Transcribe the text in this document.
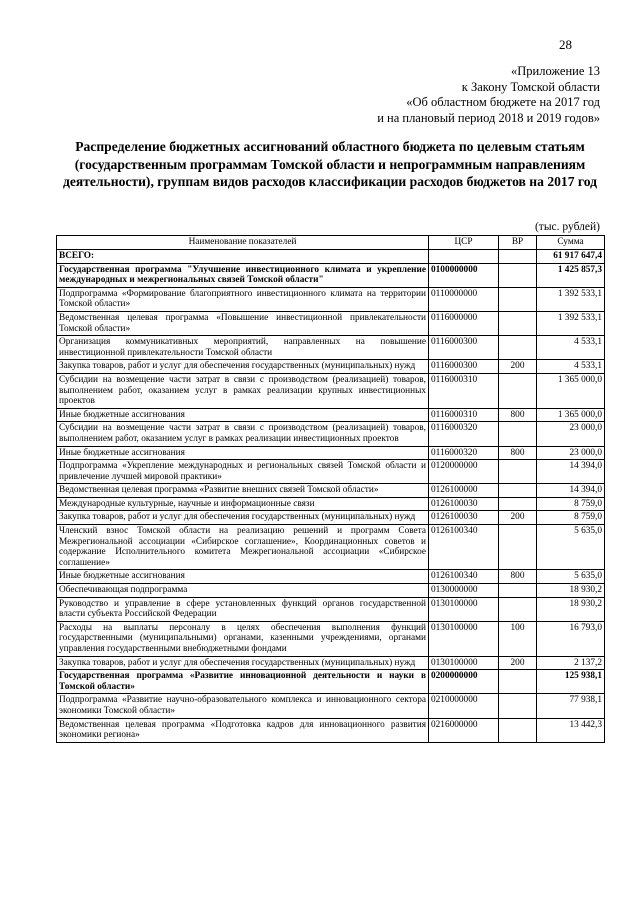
28
«Приложение 13
к Закону Томской области
«Об областном бюджете на 2017 год
и на плановый период 2018 и 2019 годов»
Распределение бюджетных ассигнований областного бюджета по целевым статьям (государственным программам Томской области и непрограммным направлениям деятельности), группам видов расходов классификации расходов бюджетов на 2017 год
(тыс. рублей)
Наименование показателей	ЦСР	ВР	Сумма
ВСЕГО:			61 917 647,4
Государственная программа "Улучшение инвестиционного климата и укрепление международных и межрегиональных связей Томской области"	0100000000		1 425 857,3
Подпрограмма «Формирование благоприятного инвестиционного климата на территории Томской области»	0110000000		1 392 533,1
Ведомственная целевая программа «Повышение инвестиционной привлекательности Томской области»	0116000000		1 392 533,1
Организация коммуникативных мероприятий, направленных на повышение инвестиционной привлекательности Томской области	0116000300		4 533,1
Закупка товаров, работ и услуг для обеспечения государственных (муниципальных) нужд	0116000300	200	4 533,1
Субсидии на возмещение части затрат в связи с производством (реализацией) товаров, выполнением работ, оказанием услуг в рамках реализации крупных инвестиционных проектов	0116000310		1 365 000,0
Иные бюджетные ассигнования	0116000310	800	1 365 000,0
Субсидии на возмещение части затрат в связи с производством (реализацией) товаров, выполнением работ, оказанием услуг в рамках реализации инвестиционных проектов	0116000320		23 000,0
Иные бюджетные ассигнования	0116000320	800	23 000,0
Подпрограмма «Укрепление международных и региональных связей Томской области и привлечение лучшей мировой практики»	0120000000		14 394,0
Ведомственная целевая программа «Развитие внешних связей Томской области»	0126100000		14 394,0
Международные культурные, научные и информационные связи	0126100030		8 759,0
Закупка товаров, работ и услуг для обеспечения государственных (муниципальных) нужд	0126100030	200	8 759,0
Членский взнос Томской области на реализацию решений и программ Совета Межрегиональной ассоциации «Сибирское соглашение», Координационных советов и содержание Исполнительного комитета Межрегиональной ассоциации «Сибирское соглашение»	0126100340		5 635,0
Иные бюджетные ассигнования	0126100340	800	5 635,0
Обеспечивающая подпрограмма	0130000000		18 930,2
Руководство и управление в сфере установленных функций органов государственной власти субъекта Российской Федерации	0130100000		18 930,2
Расходы на выплаты персоналу в целях обеспечения выполнения функций государственными (муниципальными) органами, казенными учреждениями, органами управления государственными внебюджетными фондами	0130100000	100	16 793,0
Закупка товаров, работ и услуг для обеспечения государственных (муниципальных) нужд	0130100000	200	2 137,2
Государственная программа «Развитие инновационной деятельности и науки в Томской области»	0200000000		125 938,1
Подпрограмма «Развитие научно-образовательного комплекса и инновационного сектора экономики Томской области»	0210000000		77 938,1
Ведомственная целевая программа «Подготовка кадров для инновационного развития экономики региона»	0216000000		13 442,3
